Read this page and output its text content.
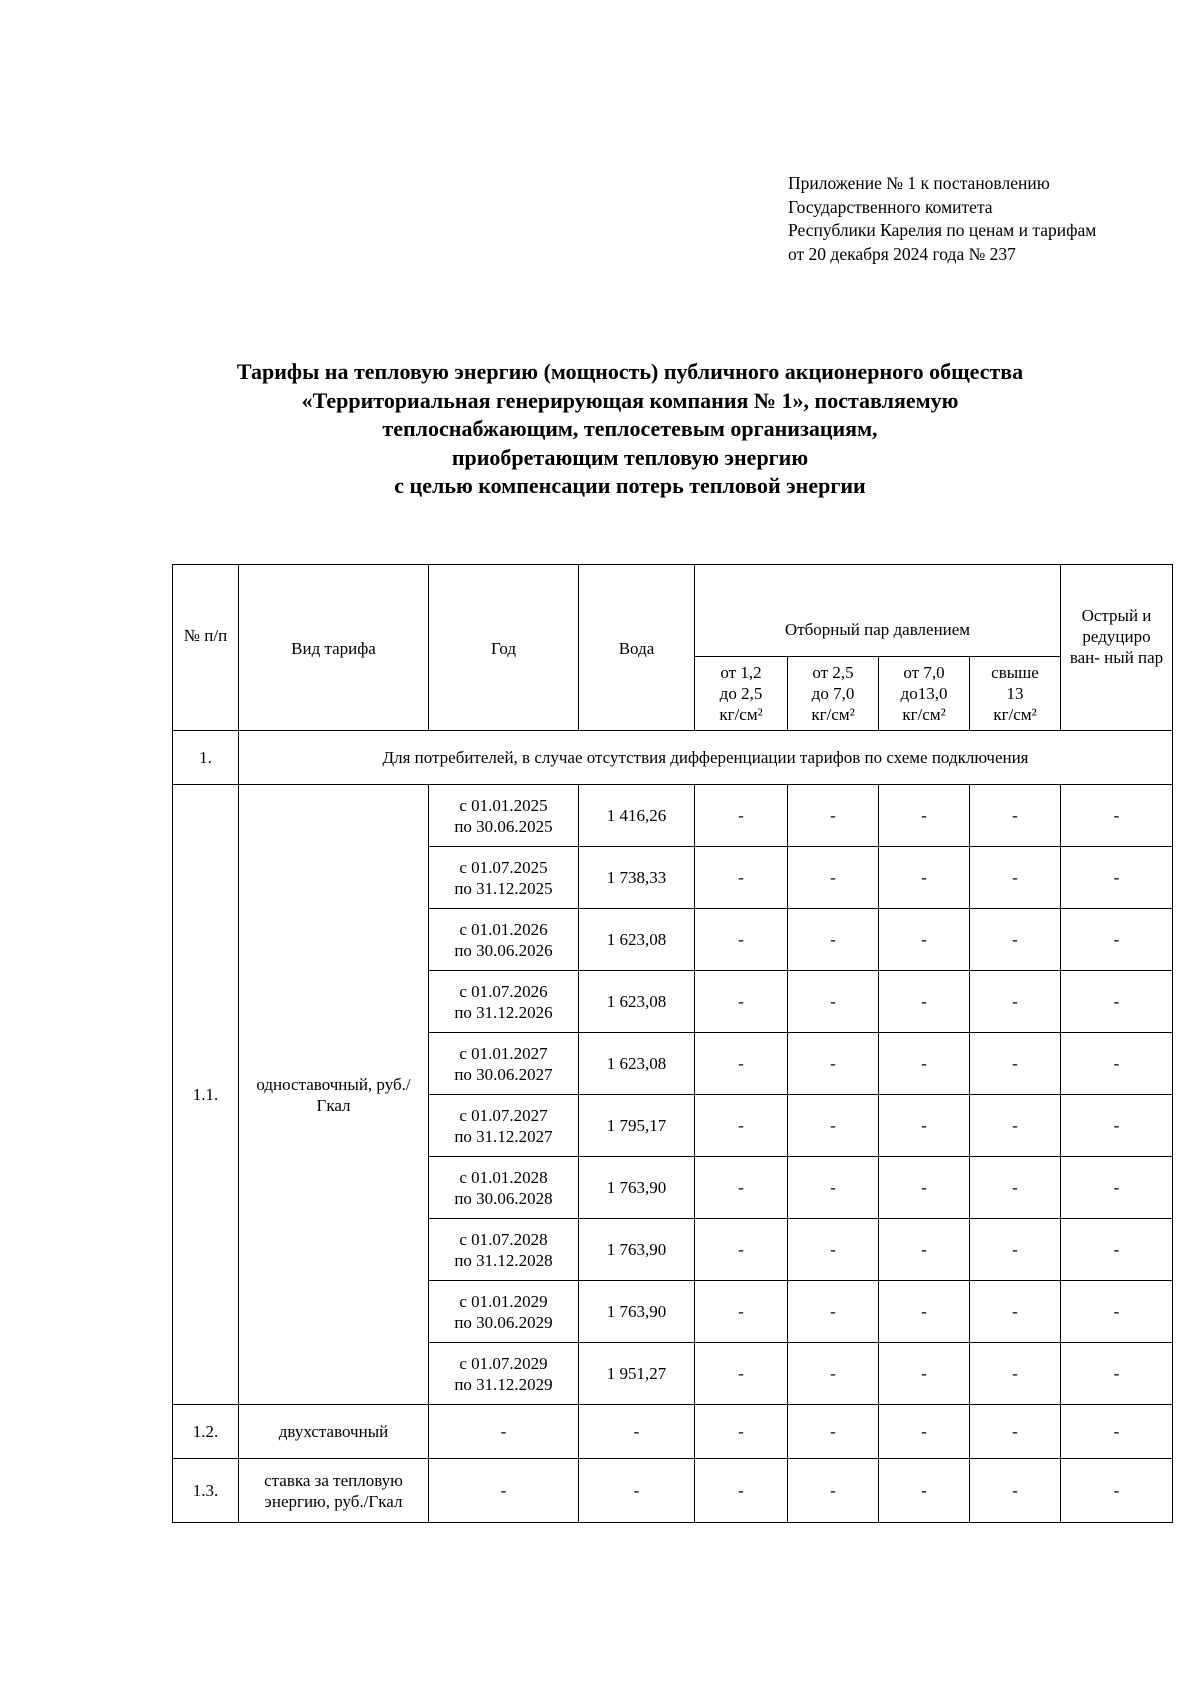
Приложение № 1 к постановлению
Государственного комитета
Республики Карелия по ценам и тарифам
от 20 декабря 2024 года № 237
Тарифы на тепловую энергию (мощность) публичного акционерного общества
«Территориальная генерирующая компания № 1», поставляемую
теплоснабжающим, теплосетевым организациям,
приобретающим тепловую энергию
с целью компенсации потерь тепловой энергии
№ п/п	Вид тарифа	Год	Вода	Отборный пар давлением				Острый и редуциро ван- ный пар

				от 1,2
до 2,5
кг/см²	от 2,5
до 7,0
кг/см²	от 7,0
до13,0
кг/см²	свыше
13
кг/см²	

1.	Для потребителей, в случае отсутствия дифференциации тарифов по схеме подключения							
1.1.	одноставочный, руб./Гкал	с 01.01.2025
по 30.06.2025	1 416,26	-	-	-	-	-

		с 01.07.2025
по 31.12.2025	1 738,33	-	-	-	-	-

		с 01.01.2026
по 30.06.2026	1 623,08	-	-	-	-	-

		с 01.07.2026
по 31.12.2026	1 623,08	-	-	-	-	-

		с 01.01.2027
по 30.06.2027	1 623,08	-	-	-	-	-

		с 01.07.2027
по 31.12.2027	1 795,17	-	-	-	-	-

		с 01.01.2028
по 30.06.2028	1 763,90	-	-	-	-	-

		с 01.07.2028
по 31.12.2028	1 763,90	-	-	-	-	-

		с 01.01.2029
по 30.06.2029	1 763,90	-	-	-	-	-

		с 01.07.2029
по 31.12.2029	1 951,27	-	-	-	-	-
1.2.	двухставочный	-	-	-	-	-	-	-
1.3.	ставка за тепловую энергию, руб./Гкал	-	-	-	-	-	-	-
